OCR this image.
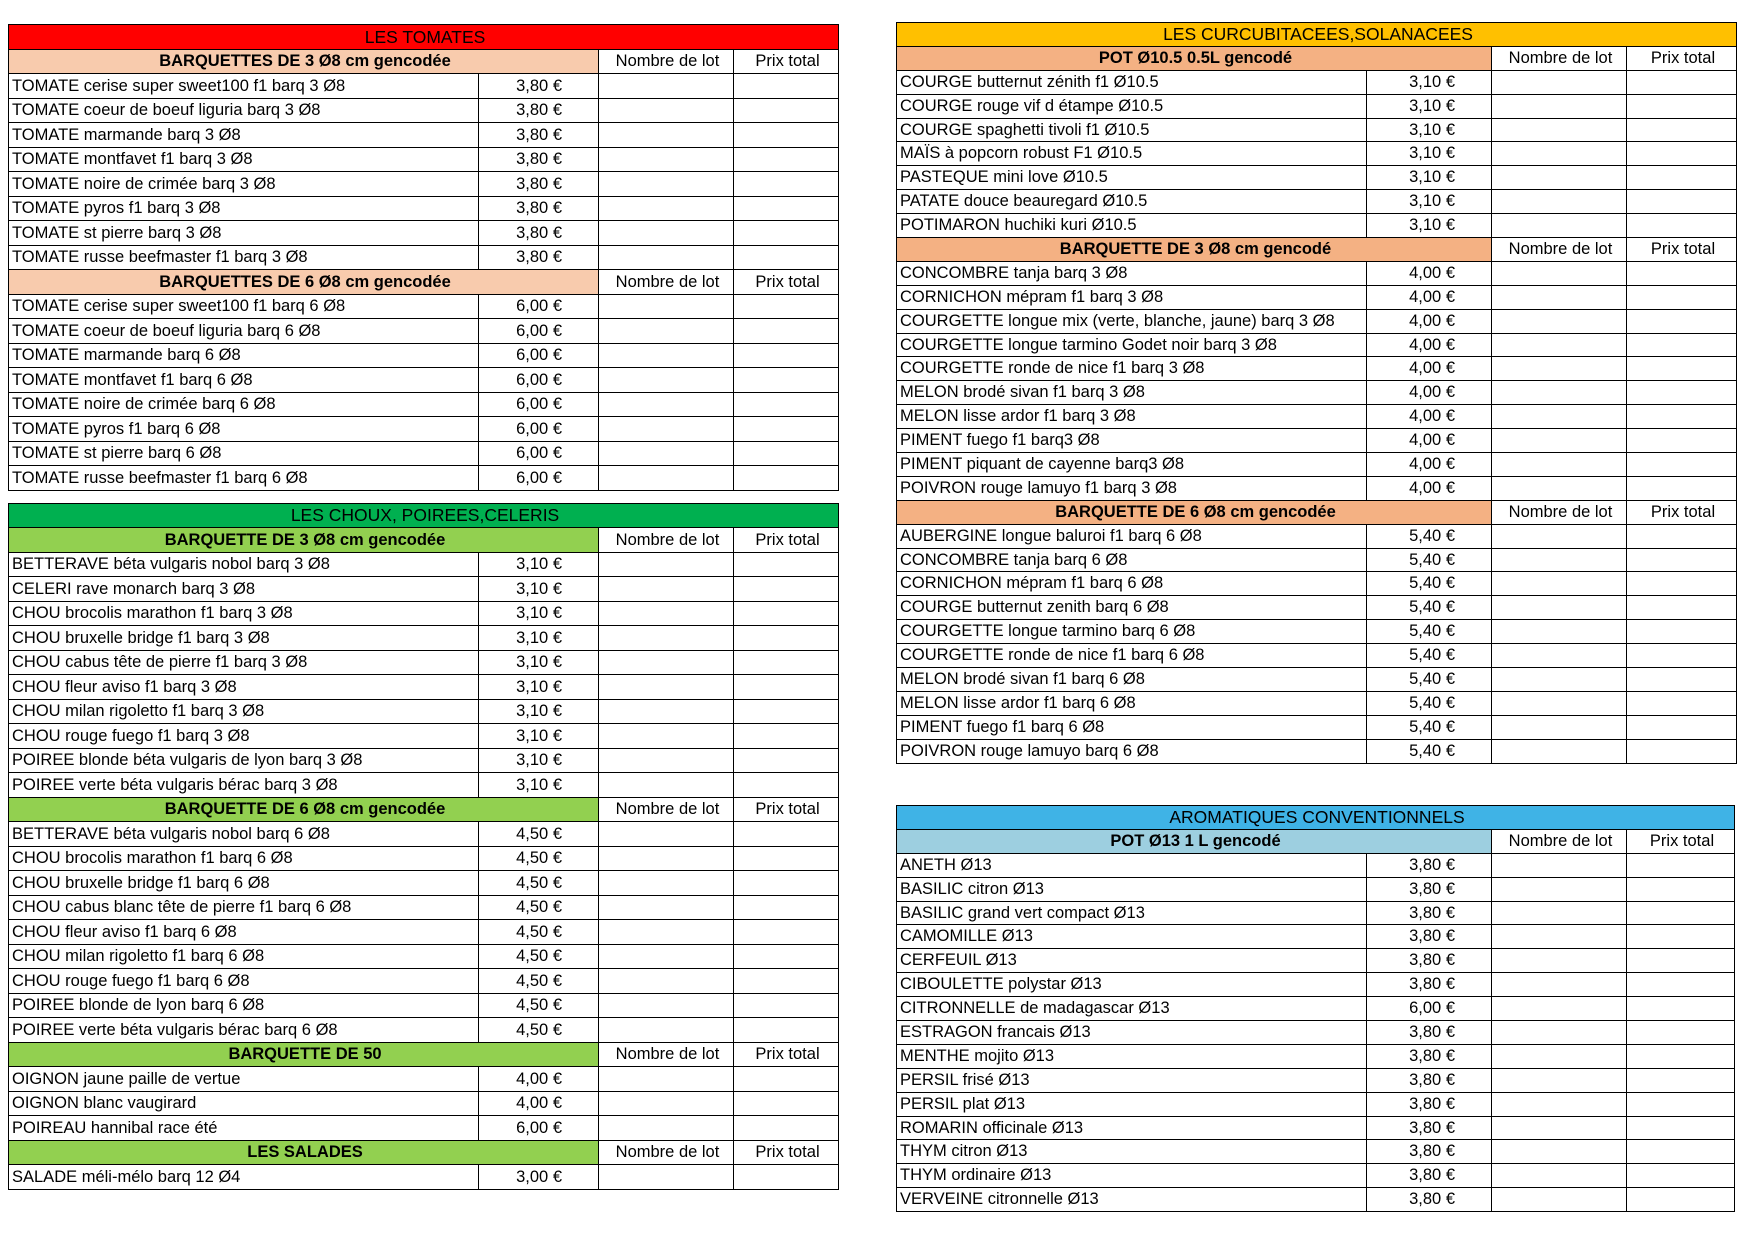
LES TOMATES			
BARQUETTES DE 3 Ø8 cm gencodée		Nombre de lot	Prix total
TOMATE cerise super sweet100 f1 barq 3 Ø8	3,80 €		
TOMATE coeur de boeuf liguria barq 3 Ø8	3,80 €		
TOMATE marmande barq 3 Ø8	3,80 €		
TOMATE montfavet f1 barq 3 Ø8	3,80 €		
TOMATE noire de crimée barq 3 Ø8	3,80 €		
TOMATE pyros f1 barq 3 Ø8	3,80 €		
TOMATE st pierre barq 3 Ø8	3,80 €		
TOMATE russe beefmaster f1 barq 3 Ø8	3,80 €		
BARQUETTES DE 6 Ø8 cm gencodée		Nombre de lot	Prix total
TOMATE cerise super sweet100 f1 barq 6 Ø8	6,00 €		
TOMATE coeur de boeuf liguria barq 6 Ø8	6,00 €		
TOMATE marmande barq 6 Ø8	6,00 €		
TOMATE montfavet f1 barq 6 Ø8	6,00 €		
TOMATE noire de crimée barq 6 Ø8	6,00 €		
TOMATE pyros f1 barq 6 Ø8	6,00 €		
TOMATE st pierre barq 6 Ø8	6,00 €		
TOMATE russe beefmaster f1 barq 6 Ø8	6,00 €		
LES CHOUX, POIREES,CELERIS			
BARQUETTE DE 3 Ø8 cm gencodée		Nombre de lot	Prix total
BETTERAVE béta vulgaris nobol barq 3 Ø8	3,10 €		
CELERI rave monarch barq 3 Ø8	3,10 €		
CHOU brocolis marathon f1 barq 3 Ø8	3,10 €		
CHOU bruxelle bridge f1 barq 3 Ø8	3,10 €		
CHOU cabus tête de pierre f1 barq 3 Ø8	3,10 €		
CHOU fleur aviso f1 barq 3 Ø8	3,10 €		
CHOU milan rigoletto f1 barq 3 Ø8	3,10 €		
CHOU rouge fuego f1 barq 3 Ø8	3,10 €		
POIREE blonde béta vulgaris de lyon barq 3 Ø8	3,10 €		
POIREE verte béta vulgaris bérac barq 3 Ø8	3,10 €		
BARQUETTE DE 6 Ø8 cm gencodée		Nombre de lot	Prix total
BETTERAVE béta vulgaris nobol barq 6 Ø8	4,50 €		
CHOU brocolis marathon f1 barq 6 Ø8	4,50 €		
CHOU bruxelle bridge f1 barq 6 Ø8	4,50 €		
CHOU cabus blanc tête de pierre f1 barq 6 Ø8	4,50 €		
CHOU fleur aviso f1 barq 6 Ø8	4,50 €		
CHOU milan rigoletto f1 barq 6 Ø8	4,50 €		
CHOU rouge fuego f1 barq 6 Ø8	4,50 €		
POIREE blonde de lyon barq 6 Ø8	4,50 €		
POIREE verte béta vulgaris bérac barq 6 Ø8	4,50 €		
BARQUETTE DE 50		Nombre de lot	Prix total
OIGNON jaune paille de vertue	4,00 €		
OIGNON blanc vaugirard	4,00 €		
POIREAU hannibal race été	6,00 €		
LES SALADES		Nombre de lot	Prix total
SALADE méli-mélo barq 12 Ø4	3,00 €		
LES CURCUBITACEES,SOLANACEES			
POT Ø10.5 0.5L gencodé		Nombre de lot	Prix total
COURGE butternut zénith f1 Ø10.5	3,10 €		
COURGE rouge vif d étampe Ø10.5	3,10 €		
COURGE spaghetti tivoli f1 Ø10.5	3,10 €		
MAÏS à popcorn robust F1 Ø10.5	3,10 €		
PASTEQUE mini love Ø10.5	3,10 €		
PATATE douce beauregard Ø10.5	3,10 €		
POTIMARON huchiki kuri Ø10.5	3,10 €		
BARQUETTE DE 3 Ø8 cm gencodé		Nombre de lot	Prix total
CONCOMBRE tanja barq 3 Ø8	4,00 €		
CORNICHON mépram f1 barq 3 Ø8	4,00 €		
COURGETTE longue mix (verte, blanche, jaune) barq 3 Ø8	4,00 €		
COURGETTE longue tarmino Godet noir barq 3 Ø8	4,00 €		
COURGETTE ronde de nice f1 barq 3 Ø8	4,00 €		
MELON brodé sivan f1 barq 3 Ø8	4,00 €		
MELON lisse ardor f1 barq 3 Ø8	4,00 €		
PIMENT fuego f1 barq3 Ø8	4,00 €		
PIMENT piquant de cayenne barq3 Ø8	4,00 €		
POIVRON rouge lamuyo f1 barq 3 Ø8	4,00 €		
BARQUETTE DE 6 Ø8 cm gencodée		Nombre de lot	Prix total
AUBERGINE longue baluroi f1 barq 6 Ø8	5,40 €		
CONCOMBRE tanja barq 6 Ø8	5,40 €		
CORNICHON mépram f1 barq 6 Ø8	5,40 €		
COURGE butternut zenith barq 6 Ø8	5,40 €		
COURGETTE longue tarmino barq 6 Ø8	5,40 €		
COURGETTE ronde de nice f1 barq 6 Ø8	5,40 €		
MELON brodé sivan f1 barq 6 Ø8	5,40 €		
MELON lisse ardor f1 barq 6 Ø8	5,40 €		
PIMENT fuego f1 barq 6 Ø8	5,40 €		
POIVRON rouge lamuyo barq 6 Ø8	5,40 €		
AROMATIQUES CONVENTIONNELS			
POT Ø13 1 L gencodé		Nombre de lot	Prix total
ANETH Ø13	3,80 €		
BASILIC citron Ø13	3,80 €		
BASILIC grand vert compact Ø13	3,80 €		
CAMOMILLE Ø13	3,80 €		
CERFEUIL Ø13	3,80 €		
CIBOULETTE polystar Ø13	3,80 €		
CITRONNELLE de madagascar Ø13	6,00 €		
ESTRAGON francais Ø13	3,80 €		
MENTHE mojito Ø13	3,80 €		
PERSIL frisé Ø13	3,80 €		
PERSIL plat Ø13	3,80 €		
ROMARIN officinale Ø13	3,80 €		
THYM citron Ø13	3,80 €		
THYM ordinaire Ø13	3,80 €		
VERVEINE citronnelle Ø13	3,80 €		
